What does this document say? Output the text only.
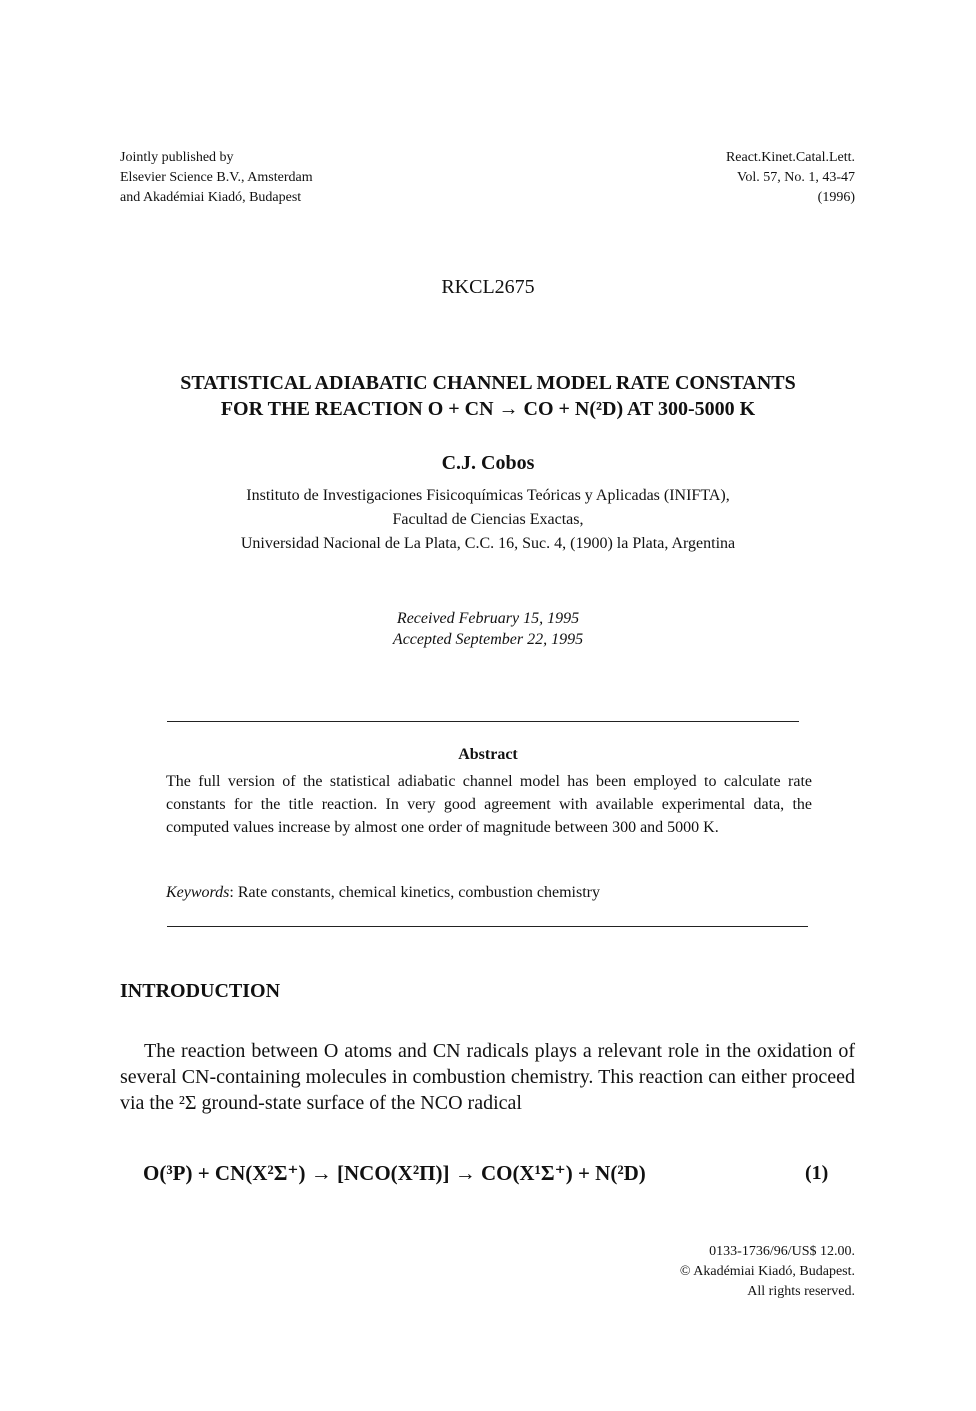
Jointly published by
Elsevier Science B.V., Amsterdam
and Akadémiai Kiadó, Budapest
React.Kinet.Catal.Lett.
Vol. 57, No. 1, 43-47
(1996)
RKCL2675
STATISTICAL ADIABATIC CHANNEL MODEL RATE CONSTANTS
FOR THE REACTION O + CN → CO + N(²D) AT 300-5000 K
C.J. Cobos
Instituto de Investigaciones Fisicoquímicas Teóricas y Aplicadas (INIFTA),
Facultad de Ciencias Exactas,
Universidad Nacional de La Plata, C.C. 16, Suc. 4, (1900) la Plata, Argentina
Received February 15, 1995
Accepted September 22, 1995
Abstract
The full version of the statistical adiabatic channel model has been employed to calculate rate constants for the title reaction. In very good agreement with available experimental data, the computed values increase by almost one order of magnitude between 300 and 5000 K.
Keywords: Rate constants, chemical kinetics, combustion chemistry
INTRODUCTION
The reaction between O atoms and CN radicals plays a relevant role in the oxidation of several CN-containing molecules in combustion chemistry. This reaction can either proceed via the ²Σ ground-state surface of the NCO radical
O(³P) + CN(X²Σ⁺) → [NCO(X²Π)] → CO(X¹Σ⁺) + N(²D)	(1)
0133-1736/96/US$ 12.00.
© Akadémiai Kiadó, Budapest.
All rights reserved.
